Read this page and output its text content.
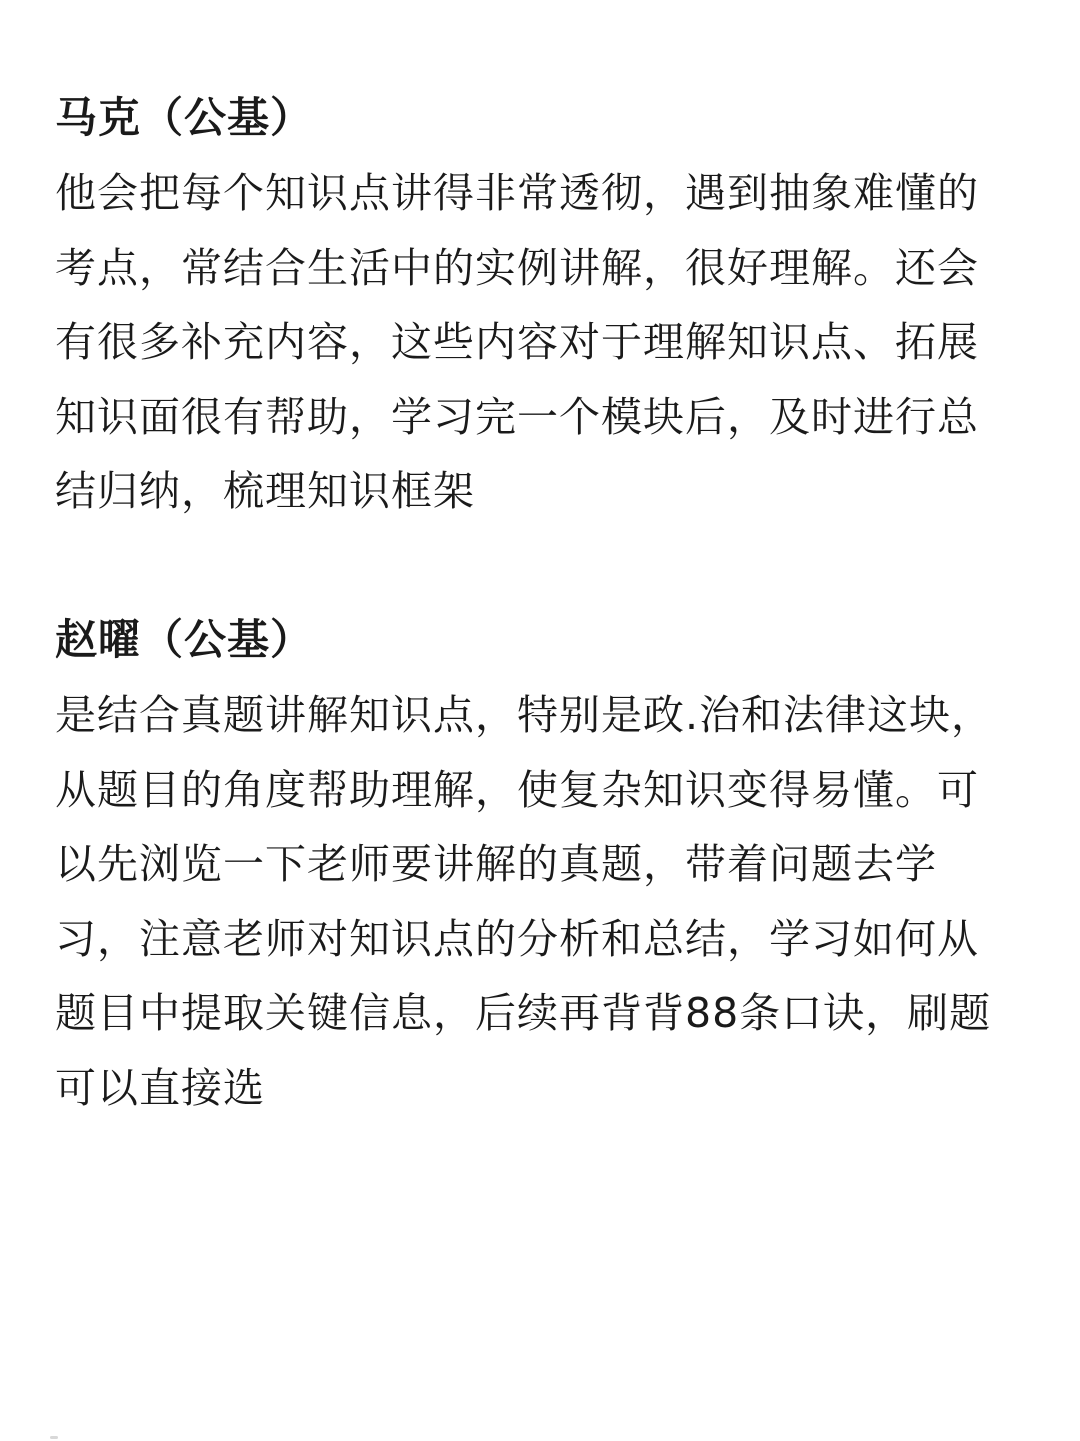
马克（公基）

他会把每个知识点讲得非常透彻，遇到抽象难懂的
考点，常结合生活中的实例讲解，很好理解。还会
有很多补充内容，这些内容对于理解知识点、拓展
知识面很有帮助，学习完一个模块后，及时进行总
结归纳，梳理知识框架

赵曜（公基）

是结合真题讲解知识点，特别是政.治和法律这块，
从题目的角度帮助理解，使复杂知识变得易懂。可
以先浏览一下老师要讲解的真题，带着问题去学
习，注意老师对知识点的分析和总结，学习如何从
题目中提取关键信息，后续再背背88条口诀，刷题
可以直接选
